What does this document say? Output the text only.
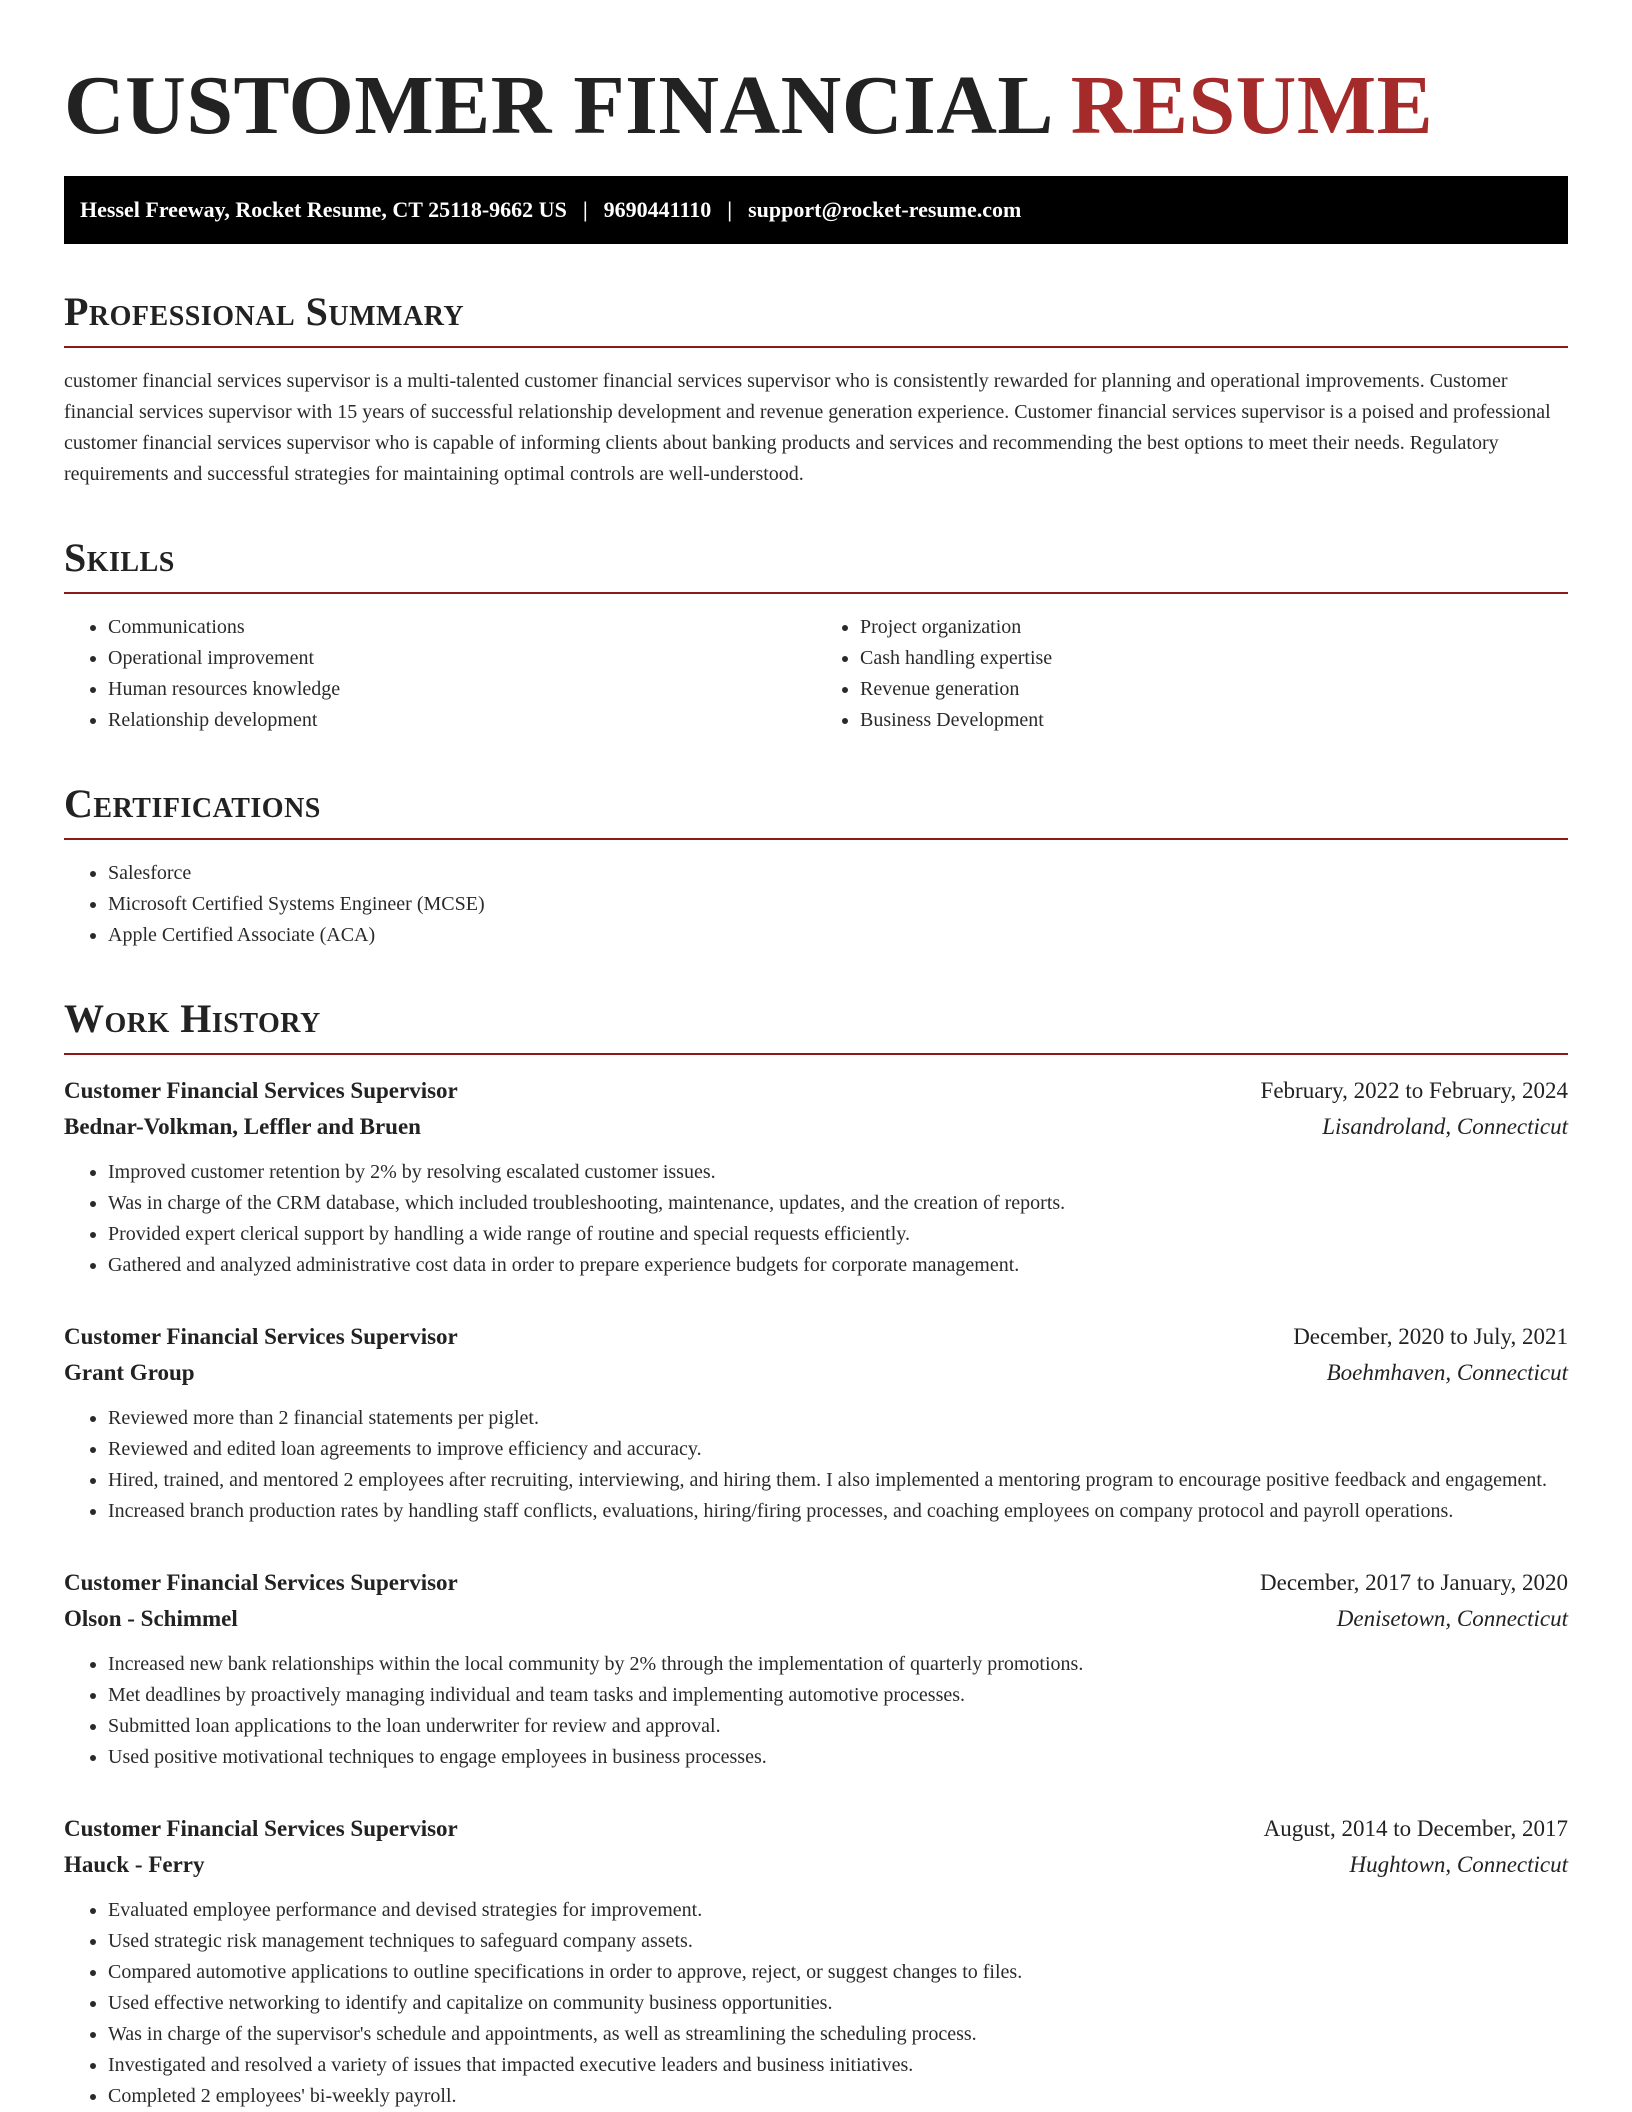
CUSTOMER FINANCIAL RESUME
Hessel Freeway, Rocket Resume, CT 25118-9662 US | 9690441110 | support@rocket-resume.com
Professional Summary

customer financial services supervisor is a multi-talented customer financial services supervisor who is consistently rewarded for planning and operational improvements. Customer financial services supervisor with 15 years of successful relationship development and revenue generation experience. Customer financial services supervisor is a poised and professional customer financial services supervisor who is capable of informing clients about banking products and services and recommending the best options to meet their needs. Regulatory requirements and successful strategies for maintaining optimal controls are well-understood.

Skills
• Communications
• Operational improvement
• Human resources knowledge
• Relationship development
• Project organization
• Cash handling expertise
• Revenue generation
• Business Development
Certifications
• Salesforce
• Microsoft Certified Systems Engineer (MCSE)
• Apple Certified Associate (ACA)
Work History
Customer Financial Services Supervisor	February, 2022 to February, 2024
Bednar-Volkman, Leffler and Bruen	Lisandroland, Connecticut
• Improved customer retention by 2% by resolving escalated customer issues.
• Was in charge of the CRM database, which included troubleshooting, maintenance, updates, and the creation of reports.
• Provided expert clerical support by handling a wide range of routine and special requests efficiently.
• Gathered and analyzed administrative cost data in order to prepare experience budgets for corporate management.
Customer Financial Services Supervisor	December, 2020 to July, 2021
Grant Group	Boehmhaven, Connecticut
• Reviewed more than 2 financial statements per piglet.
• Reviewed and edited loan agreements to improve efficiency and accuracy.
• Hired, trained, and mentored 2 employees after recruiting, interviewing, and hiring them. I also implemented a mentoring program to encourage positive feedback and engagement.
• Increased branch production rates by handling staff conflicts, evaluations, hiring/firing processes, and coaching employees on company protocol and payroll operations.
Customer Financial Services Supervisor	December, 2017 to January, 2020
Olson - Schimmel	Denisetown, Connecticut
• Increased new bank relationships within the local community by 2% through the implementation of quarterly promotions.
• Met deadlines by proactively managing individual and team tasks and implementing automotive processes.
• Submitted loan applications to the loan underwriter for review and approval.
• Used positive motivational techniques to engage employees in business processes.
Customer Financial Services Supervisor	August, 2014 to December, 2017
Hauck - Ferry	Hughtown, Connecticut
• Evaluated employee performance and devised strategies for improvement.
• Used strategic risk management techniques to safeguard company assets.
• Compared automotive applications to outline specifications in order to approve, reject, or suggest changes to files.
• Used effective networking to identify and capitalize on community business opportunities.
• Was in charge of the supervisor's schedule and appointments, as well as streamlining the scheduling process.
• Investigated and resolved a variety of issues that impacted executive leaders and business initiatives.
• Completed 2 employees' bi-weekly payroll.
